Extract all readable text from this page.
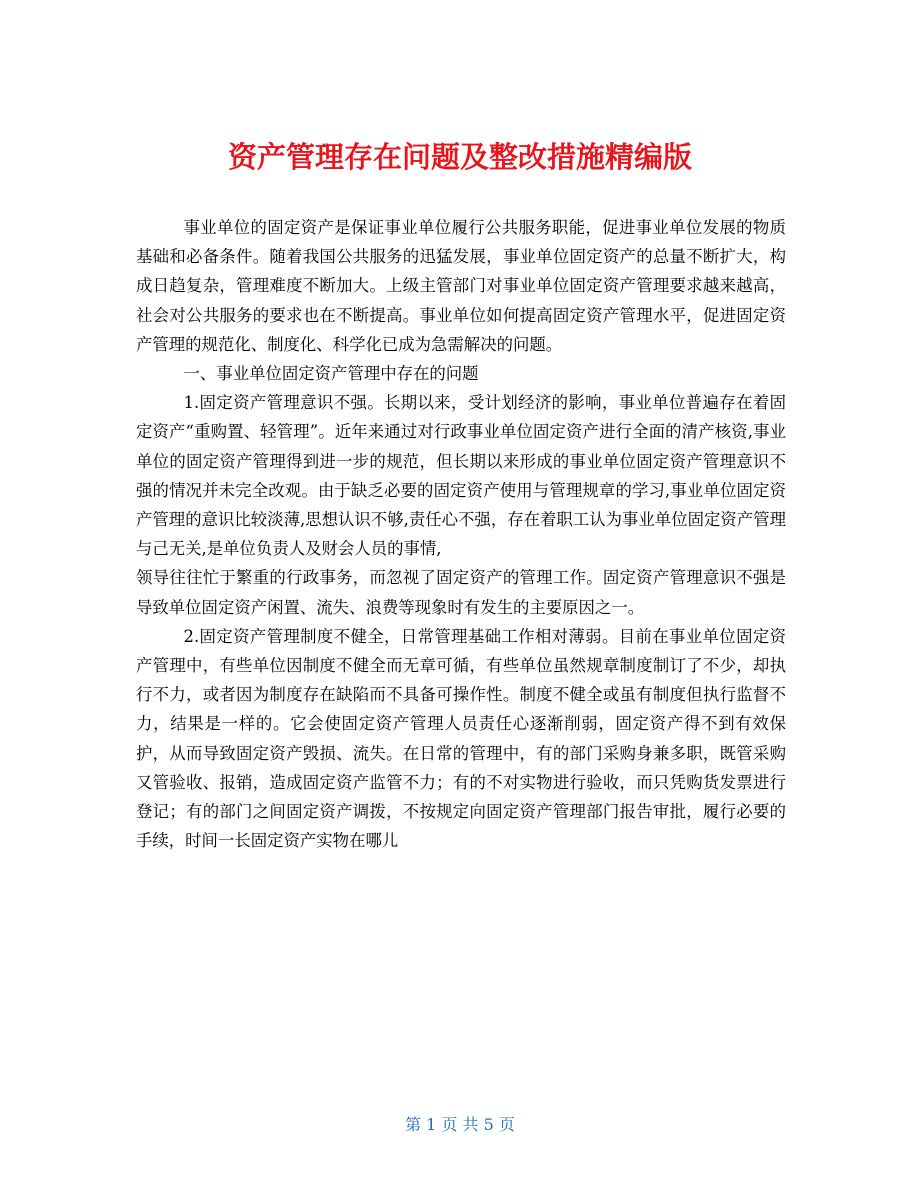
资产管理存在问题及整改措施精编版

事业单位的固定资产是保证事业单位履行公共服务职能，促进事业单位发展的物质基础和必备条件。随着我国公共服务的迅猛发展，事业单位固定资产的总量不断扩大，构成日趋复杂，管理难度不断加大。上级主管部门对事业单位固定资产管理要求越来越高，社会对公共服务的要求也在不断提高。事业单位如何提高固定资产管理水平，促进固定资产管理的规范化、制度化、科学化已成为急需解决的问题。

一、事业单位固定资产管理中存在的问题

1.固定资产管理意识不强。长期以来，受计划经济的影响，事业单位普遍存在着固定资产“重购置、轻管理”。近年来通过对行政事业单位固定资产进行全面的清产核资,事业单位的固定资产管理得到进一步的规范，但长期以来形成的事业单位固定资产管理意识不强的情况并未完全改观。由于缺乏必要的固定资产使用与管理规章的学习,事业单位固定资产管理的意识比较淡薄,思想认识不够,责任心不强，存在着职工认为事业单位固定资产管理与己无关,是单位负责人及财会人员的事情,

领导往往忙于繁重的行政事务，而忽视了固定资产的管理工作。固定资产管理意识不强是导致单位固定资产闲置、流失、浪费等现象时有发生的主要原因之一。

2.固定资产管理制度不健全，日常管理基础工作相对薄弱。目前在事业单位固定资产管理中，有些单位因制度不健全而无章可循，有些单位虽然规章制度制订了不少，却执行不力，或者因为制度存在缺陷而不具备可操作性。制度不健全或虽有制度但执行监督不力，结果是一样的。它会使固定资产管理人员责任心逐渐削弱，固定资产得不到有效保护，从而导致固定资产毁损、流失。在日常的管理中，有的部门采购身兼多职，既管采购又管验收、报销，造成固定资产监管不力；有的不对实物进行验收，而只凭购货发票进行登记；有的部门之间固定资产调拨，不按规定向固定资产管理部门报告审批，履行必要的手续，时间一长固定资产实物在哪儿

第 1 页 共 5 页
